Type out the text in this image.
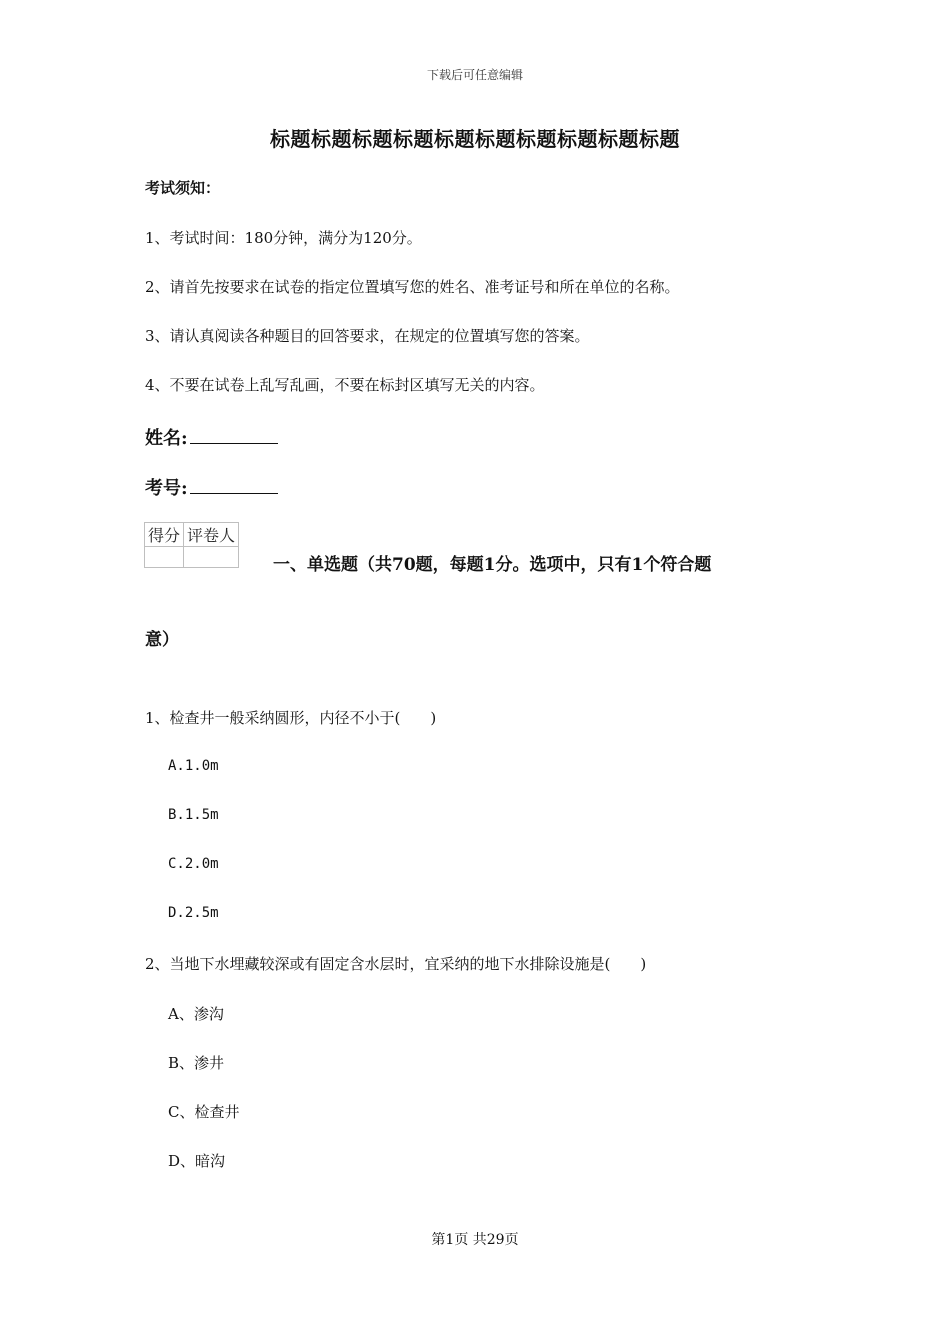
下载后可任意编辑
标题标题标题标题标题标题标题标题标题标题
考试须知：
1、考试时间：180分钟，满分为120分。
2、请首先按要求在试卷的指定位置填写您的姓名、准考证号和所在单位的名称。
3、请认真阅读各种题目的回答要求，在规定的位置填写您的答案。
4、不要在试卷上乱写乱画，不要在标封区填写无关的内容。
姓名:
考号:
得分	评卷人

一、单选题（共70题，每题1分。选项中，只有1个符合题
意）
1、检查井一般采纳圆形，内径不小于(　　)
A.1.0m
B.1.5m
C.2.0m
D.2.5m
2、当地下水埋藏较深或有固定含水层时，宜采纳的地下水排除设施是(　　)
A、渗沟
B、渗井
C、检查井
D、暗沟
第1页 共29页
